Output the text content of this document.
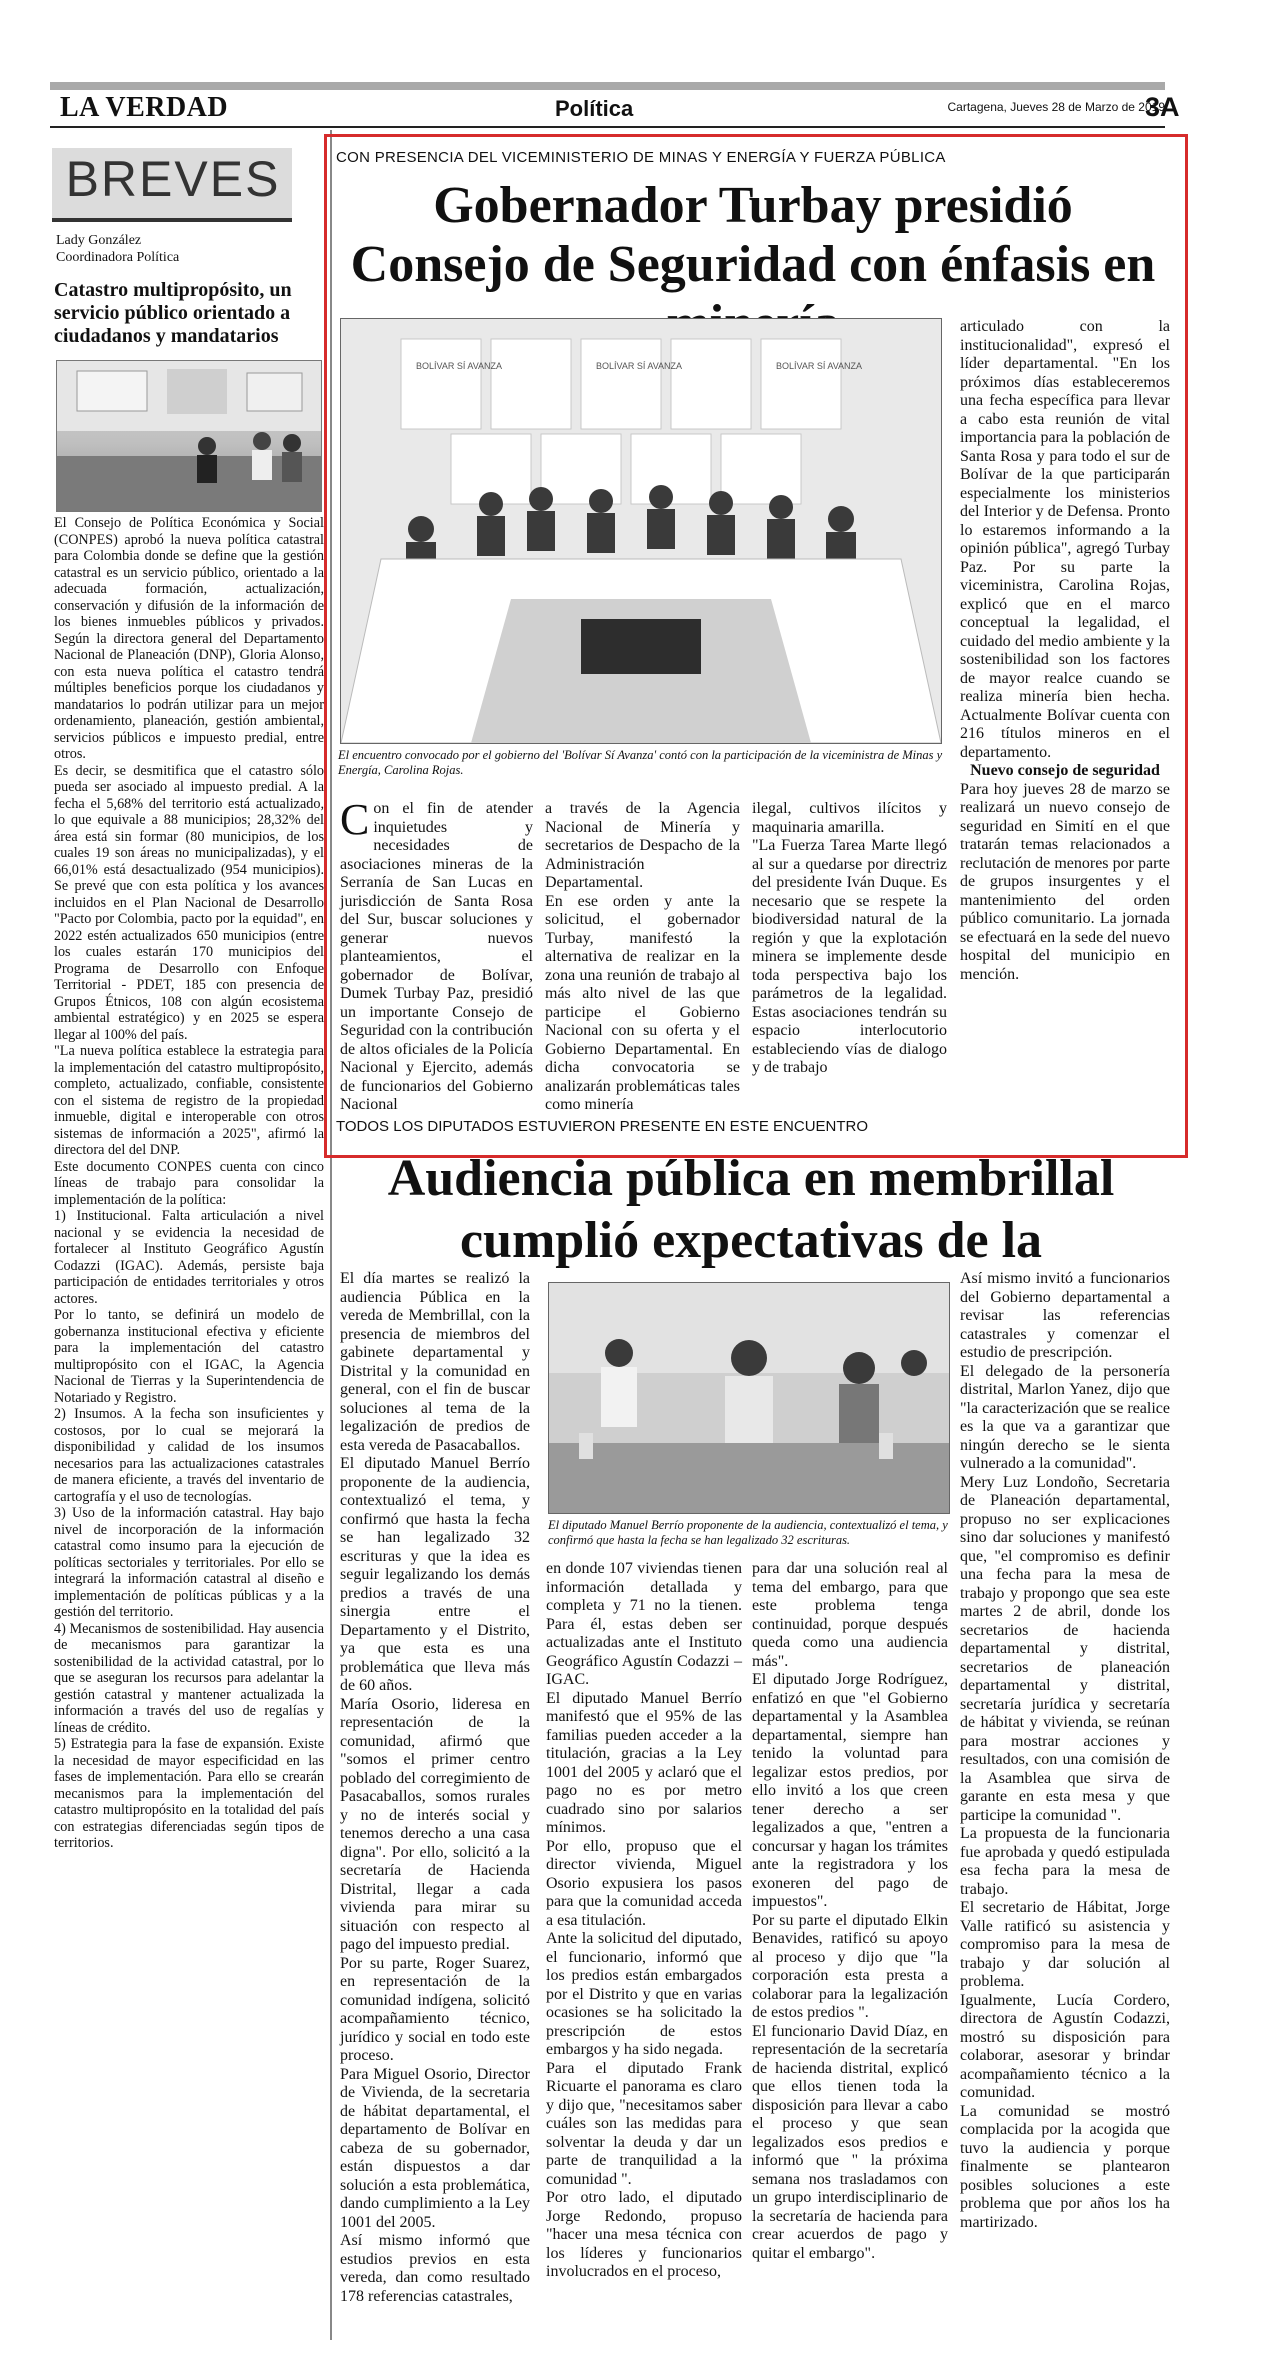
LA VERDAD	Política	Cartagena, Jueves 28 de Marzo de 2019
3A
BREVES
Lady González
Coordinadora Política
Catastro multipropósito, un servicio público orientado a ciudadanos y mandatarios

El Consejo de Política Económica y Social (CONPES) aprobó la nueva política catastral para Colombia donde se define que la gestión catastral es un servicio público, orientado a la adecuada formación, actualización, conservación y difusión de la información de los bienes inmuebles públicos y privados. Según la directora general del Departamento Nacional de Planeación (DNP), Gloria Alonso, con esta nueva política el catastro tendrá múltiples beneficios porque los ciudadanos y mandatarios lo podrán utilizar para un mejor ordenamiento, planeación, gestión ambiental, servicios públicos e impuesto predial, entre otros.
Es decir, se desmitifica que el catastro sólo pueda ser asociado al impuesto predial. A la fecha el 5,68% del territorio está actualizado, lo que equivale a 88 municipios; 28,32% del área está sin formar (80 municipios, de los cuales 19 son áreas no municipalizadas), y el 66,01% está desactualizado (954 municipios). Se prevé que con esta política y los avances incluidos en el Plan Nacional de Desarrollo "Pacto por Colombia, pacto por la equidad", en 2022 estén actualizados 650 municipios (entre los cuales estarán 170 municipios del Programa de Desarrollo con Enfoque Territorial - PDET, 185 con presencia de Grupos Étnicos, 108 con algún ecosistema ambiental estratégico) y en 2025 se espera llegar al 100% del país.
"La nueva política establece la estrategia para la implementación del catastro multipropósito, completo, actualizado, confiable, consistente con el sistema de registro de la propiedad inmueble, digital e interoperable con otros sistemas de información a 2025", afirmó la directora del del DNP.
Este documento CONPES cuenta con cinco líneas de trabajo para consolidar la implementación de la política:
1) Institucional. Falta articulación a nivel nacional y se evidencia la necesidad de fortalecer al Instituto Geográfico Agustín Codazzi (IGAC). Además, persiste baja participación de entidades territoriales y otros actores.
Por lo tanto, se definirá un modelo de gobernanza institucional efectiva y eficiente para la implementación del catastro multipropósito con el IGAC, la Agencia Nacional de Tierras y la Superintendencia de Notariado y Registro.
2) Insumos. A la fecha son insuficientes y costosos, por lo cual se mejorará la disponibilidad y calidad de los insumos necesarios para las actualizaciones catastrales de manera eficiente, a través del inventario de cartografía y el uso de tecnologías.
3) Uso de la información catastral. Hay bajo nivel de incorporación de la información catastral como insumo para la ejecución de políticas sectoriales y territoriales. Por ello se integrará la información catastral al diseño e implementación de políticas públicas y a la gestión del territorio.
4) Mecanismos de sostenibilidad. Hay ausencia de mecanismos para garantizar la sostenibilidad de la actividad catastral, por lo que se aseguran los recursos para adelantar la gestión catastral y mantener actualizada la información a través del uso de regalías y líneas de crédito.
5) Estrategia para la fase de expansión. Existe la necesidad de mayor especificidad en las fases de implementación. Para ello se crearán mecanismos para la implementación del catastro multipropósito en la totalidad del país con estrategias diferenciadas según tipos de territorios.

CON PRESENCIA DEL VICEMINISTERIO DE MINAS Y ENERGÍA Y FUERZA PÚBLICA
Gobernador Turbay presidió Consejo de Seguridad con énfasis en
BOLÍVAR SÍ AVANZA	BOLÍVAR SÍ AVANZA	BOLÍVAR SÍ AVANZA
El encuentro convocado por el gobierno del 'Bolívar Sí Avanza' contó con la participación de la viceministra de Minas y Energía, Carolina Rojas.
C on el fin de atender inquietudes y necesidades de asociaciones mineras de la Serranía de San Lucas en jurisdicción de Santa Rosa del Sur, buscar soluciones y generar nuevos planteamientos, el gobernador de Bolívar, Dumek Turbay Paz, presidió un importante Consejo de Seguridad con la contribución de altos oficiales de la Policía Nacional y Ejercito, además de funcionarios del Gobierno Nacional

a través de la Agencia Nacional de Minería y secretarios de Despacho de la Administración Departamental.
En ese orden y ante la solicitud, el gobernador Turbay, manifestó la alternativa de realizar en la zona una reunión de trabajo al más alto nivel de las que participe el Gobierno Nacional con su oferta y el Gobierno Departamental. En dicha convocatoria se analizarán problemáticas tales como minería

ilegal, cultivos ilícitos y maquinaria amarilla.
"La Fuerza Tarea Marte llegó al sur a quedarse por directriz del presidente Iván Duque. Es necesario que se respete la biodiversidad natural de la región y que la explotación minera se implemente desde toda perspectiva bajo los parámetros de la legalidad. Estas asociaciones tendrán su espacio interlocutorio estableciendo vías de dialogo y de trabajo

articulado con la institucionalidad", expresó el líder departamental. "En los próximos días estableceremos una fecha específica para llevar a cabo esta reunión de vital importancia para la población de Santa Rosa y para todo el sur de Bolívar de la que participarán especialmente los ministerios del Interior y de Defensa. Pronto lo estaremos informando a la opinión pública", agregó Turbay Paz. Por su parte la viceministra, Carolina Rojas, explicó que en el marco conceptual la legalidad, el cuidado del medio ambiente y la sostenibilidad son los factores de mayor realce cuando se realiza minería bien hecha. Actualmente Bolívar cuenta con 216 títulos mineros en el departamento.

Nuevo consejo de seguridad

Para hoy jueves 28 de marzo se realizará un nuevo consejo de seguridad en Simití en el que tratarán temas relacionados a reclutación de menores por parte de grupos insurgentes y el mantenimiento del orden público comunitario. La jornada se efectuará en la sede del nuevo hospital del municipio en mención.

TODOS LOS DIPUTADOS ESTUVIERON PRESENTE EN ESTE ENCUENTRO
Audiencia pública en membrillal cumplió expectativas de la

El día martes se realizó la audiencia Pública en la vereda de Membrillal, con la presencia de miembros del gabinete departamental y Distrital y la comunidad en general, con el fin de buscar soluciones al tema de la legalización de predios de esta vereda de Pasacaballos.
El diputado Manuel Berrío proponente de la audiencia, contextualizó el tema, y confirmó que hasta la fecha se han legalizado 32 escrituras y que la idea es seguir legalizando los demás predios a través de una sinergia entre el Departamento y el Distrito, ya que esta es una problemática que lleva más de 60 años.
María Osorio, lideresa en representación de la comunidad, afirmó que "somos el primer centro poblado del corregimiento de Pasacaballos, somos rurales y no de interés social y tenemos derecho a una casa digna". Por ello, solicitó a la secretaría de Hacienda Distrital, llegar a cada vivienda para mirar su situación con respecto al pago del impuesto predial.
Por su parte, Roger Suarez, en representación de la comunidad indígena, solicitó acompañamiento técnico, jurídico y social en todo este proceso.
Para Miguel Osorio, Director de Vivienda, de la secretaria de hábitat departamental, el departamento de Bolívar en cabeza de su gobernador, están dispuestos a dar solución a esta problemática, dando cumplimiento a la Ley 1001 del 2005.
Así mismo informó que estudios previos en esta vereda, dan como resultado 178 referencias catastrales,

El diputado Manuel Berrío proponente de la audiencia, contextualizó el tema, y confirmó que hasta la fecha se han legalizado 32 escrituras.

en donde 107 viviendas tienen información detallada y completa y 71 no la tienen. Para él, estas deben ser actualizadas ante el Instituto Geográfico Agustín Codazzi – IGAC.
El diputado Manuel Berrío manifestó que el 95% de las familias pueden acceder a la titulación, gracias a la Ley 1001 del 2005 y aclaró que el pago no es por metro cuadrado sino por salarios mínimos.
Por ello, propuso que el director vivienda, Miguel Osorio expusiera los pasos para que la comunidad acceda a esa titulación.
Ante la solicitud del diputado, el funcionario, informó que los predios están embargados por el Distrito y que en varias ocasiones se ha solicitado la prescripción de estos embargos y ha sido negada.
Para el diputado Frank Ricuarte el panorama es claro y dijo que, "necesitamos saber cuáles son las medidas para solventar la deuda y dar un parte de tranquilidad a la comunidad ".
Por otro lado, el diputado Jorge Redondo, propuso "hacer una mesa técnica con los líderes y funcionarios involucrados en el proceso,

para dar una solución real al tema del embargo, para que este problema tenga continuidad, porque después queda como una audiencia más".
El diputado Jorge Rodríguez, enfatizó en que "el Gobierno departamental y la Asamblea departamental, siempre han tenido la voluntad para legalizar estos predios, por ello invitó a los que creen tener derecho a ser legalizados a que, "entren a concursar y hagan los trámites ante la registradora y los exoneren del pago de impuestos".
Por su parte el diputado Elkin Benavides, ratificó su apoyo al proceso y dijo que "la corporación esta presta a colaborar para la legalización de estos predios ".
El funcionario David Díaz, en representación de la secretaría de hacienda distrital, explicó que ellos tienen toda la disposición para llevar a cabo el proceso y que sean legalizados esos predios e informó que " la próxima semana nos trasladamos con un grupo interdisciplinario de la secretaría de hacienda para crear acuerdos de pago y quitar el embargo".

Así mismo invitó a funcionarios del Gobierno departamental a revisar las referencias catastrales y comenzar el estudio de prescripción.
El delegado de la personería distrital, Marlon Yanez, dijo que "la caracterización que se realice es la que va a garantizar que ningún derecho se le sienta vulnerado a la comunidad".
Mery Luz Londoño, Secretaria de Planeación departamental, propuso no ser explicaciones sino dar soluciones y manifestó que, "el compromiso es definir una fecha para la mesa de trabajo y propongo que sea este martes 2 de abril, donde los secretarios de hacienda departamental y distrital, secretarios de planeación departamental y distrital, secretaría jurídica y secretaría de hábitat y vivienda, se reúnan para mostrar acciones y resultados, con una comisión de la Asamblea que sirva de garante en esta mesa y que participe la comunidad ".
La propuesta de la funcionaria fue aprobada y quedó estipulada esa fecha para la mesa de trabajo.
El secretario de Hábitat, Jorge Valle ratificó su asistencia y compromiso para la mesa de trabajo y dar solución al problema.
Igualmente, Lucía Cordero, directora de Agustín Codazzi, mostró su disposición para colaborar, asesorar y brindar acompañamiento técnico a la comunidad.
La comunidad se mostró complacida por la acogida que tuvo la audiencia y porque finalmente se plantearon posibles soluciones a este problema que por años los ha martirizado.
